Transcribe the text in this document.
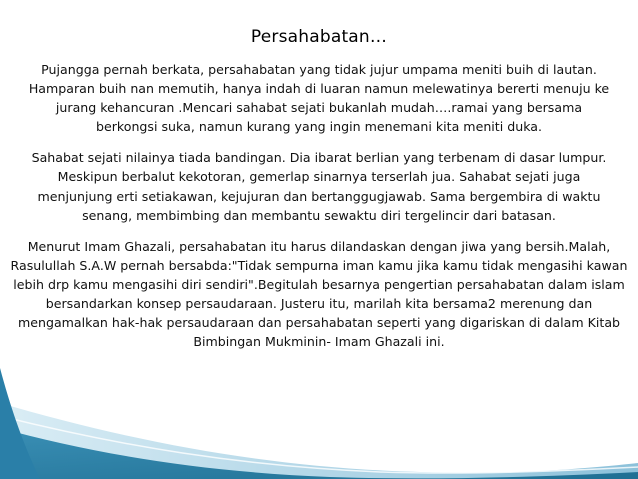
Persahabatan…

Pujangga pernah berkata, persahabatan yang tidak jujur umpama meniti buih di lautan. Hamparan buih nan memutih, hanya indah di luaran namun melewatinya bererti menuju ke jurang kehancuran .Mencari sahabat sejati bukanlah mudah….ramai yang bersama berkongsi suka, namun kurang yang ingin menemani kita meniti duka.

Sahabat sejati nilainya tiada bandingan. Dia ibarat berlian yang terbenam di dasar lumpur. Meskipun berbalut kekotoran, gemerlap sinarnya terserlah jua. Sahabat sejati juga menjunjung erti setiakawan, kejujuran dan bertanggugjawab. Sama bergembira di waktu senang, membimbing dan membantu sewaktu diri tergelincir dari batasan.

Menurut Imam Ghazali, persahabatan itu harus dilandaskan dengan jiwa yang bersih.Malah, Rasulullah S.A.W pernah bersabda:"Tidak sempurna iman kamu jika kamu tidak mengasihi kawan lebih drp kamu mengasihi diri sendiri".Begitulah besarnya pengertian persahabatan dalam islam bersandarkan konsep persaudaraan. Justeru itu, marilah kita bersama2 merenung dan mengamalkan hak-hak persaudaraan dan persahabatan seperti yang digariskan di dalam Kitab Bimbingan Mukminin- Imam Ghazali ini.
